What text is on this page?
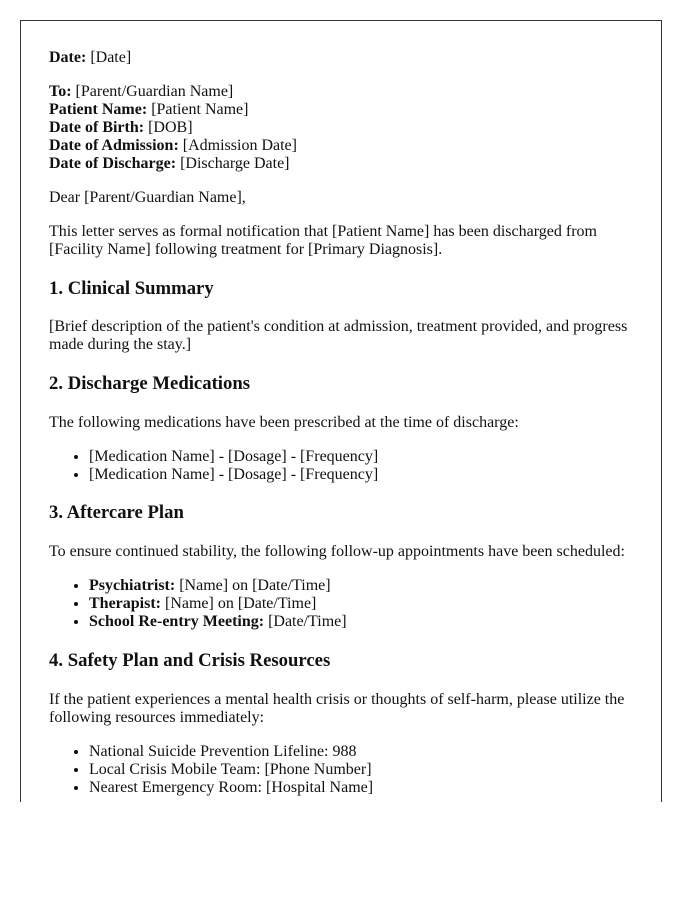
Date: [Date]

To: [Parent/Guardian Name]
Patient Name: [Patient Name]
Date of Birth: [DOB]
Date of Admission: [Admission Date]
Date of Discharge: [Discharge Date]

Dear [Parent/Guardian Name],

This letter serves as formal notification that [Patient Name] has been discharged from [Facility Name] following treatment for [Primary Diagnosis].

1. Clinical Summary

[Brief description of the patient's condition at admission, treatment provided, and progress made during the stay.]

2. Discharge Medications

The following medications have been prescribed at the time of discharge:

• [Medication Name] - [Dosage] - [Frequency]
• [Medication Name] - [Dosage] - [Frequency]
3. Aftercare Plan

To ensure continued stability, the following follow-up appointments have been scheduled:

• Psychiatrist: [Name] on [Date/Time]
• Therapist: [Name] on [Date/Time]
• School Re-entry Meeting: [Date/Time]
4. Safety Plan and Crisis Resources

If the patient experiences a mental health crisis or thoughts of self-harm, please utilize the following resources immediately:

• National Suicide Prevention Lifeline: 988
• Local Crisis Mobile Team: [Phone Number]
• Nearest Emergency Room: [Hospital Name]
